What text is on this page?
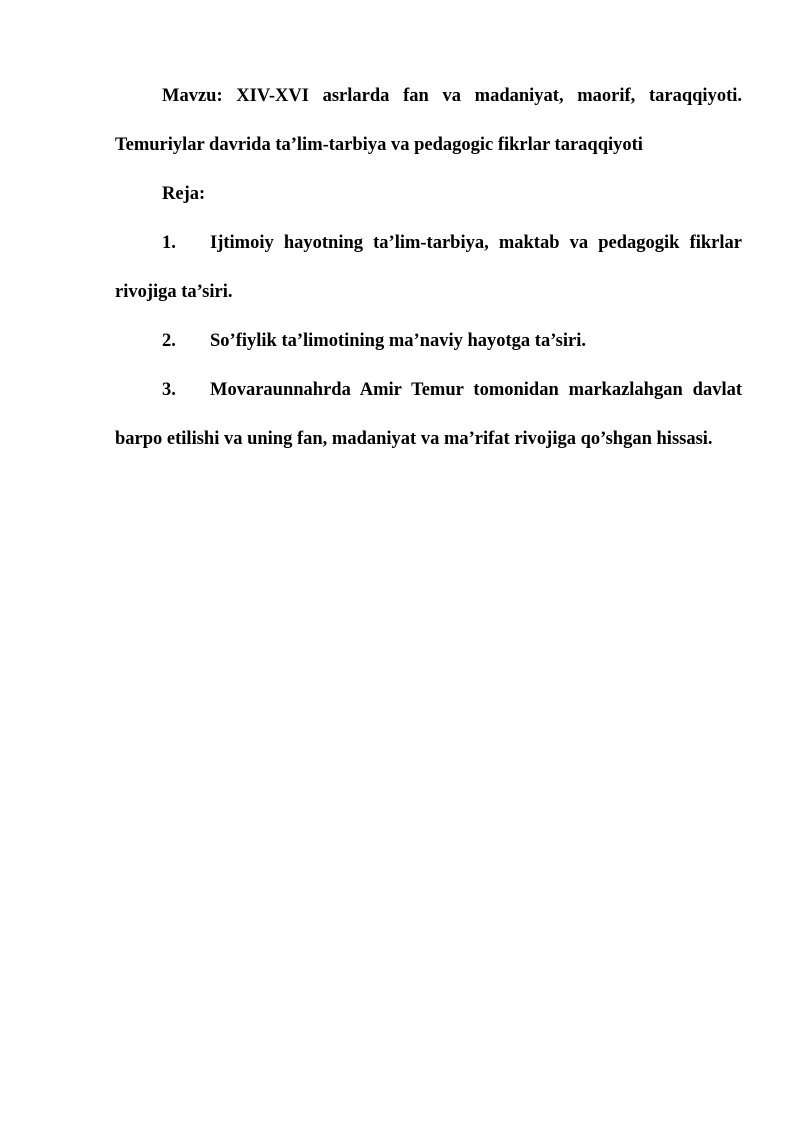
Mavzu: XIV-XVI asrlarda fan va madaniyat, maorif, taraqqiyoti. Temuriylar davrida ta’lim-tarbiya va pedagogic fikrlar taraqqiyoti

Reja:

1. Ijtimoiy hayotning ta’lim-tarbiya, maktab va pedagogik fikrlar rivojiga ta’siri.

2. So’fiylik ta’limotining ma’naviy hayotga ta’siri.

3. Movaraunnahrda Amir Temur tomonidan markazlahgan davlat barpo etilishi va uning fan, madaniyat va ma’rifat rivojiga qo’shgan hissasi.
